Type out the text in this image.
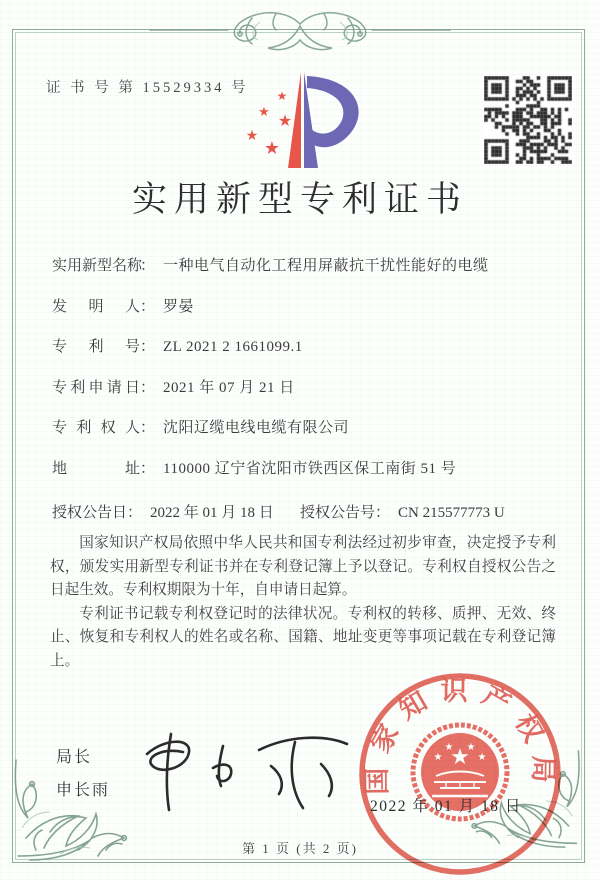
证 书 号 第 15529334 号 ★
★ ★
★
★
实用新型专利证书
实用新型名称： 一种电气自动化工程用屏蔽抗干扰性能好的电缆
发明人： 罗晏
专利号： ZL 2021 2 1661099.1
专利申请日： 2021 年 07 月 21 日
专利权人： 沈阳辽缆电线电缆有限公司
地址： 110000 辽宁省沈阳市铁西区保工南街 51 号
授权公告日： 2022 年 01 月 18 日 授权公告号： CN 215577773 U

国家知识产权局依照中华人民共和国专利法经过初步审查，决定授予专利权，颁发实用新型专利证书并在专利登记簿上予以登记。专利权自授权公告之日起生效。专利权期限为十年，自申请日起算。

专利证书记载专利权登记时的法律状况。专利权的转移、质押、无效、终止、恢复和专利权人的姓名或名称、国籍、地址变更等事项记载在专利登记簿上。

局长
申长雨	国家知识产权局
★
★
★ ★
★
2022 年 01 月 18 日
第 1 页 (共 2 页)
